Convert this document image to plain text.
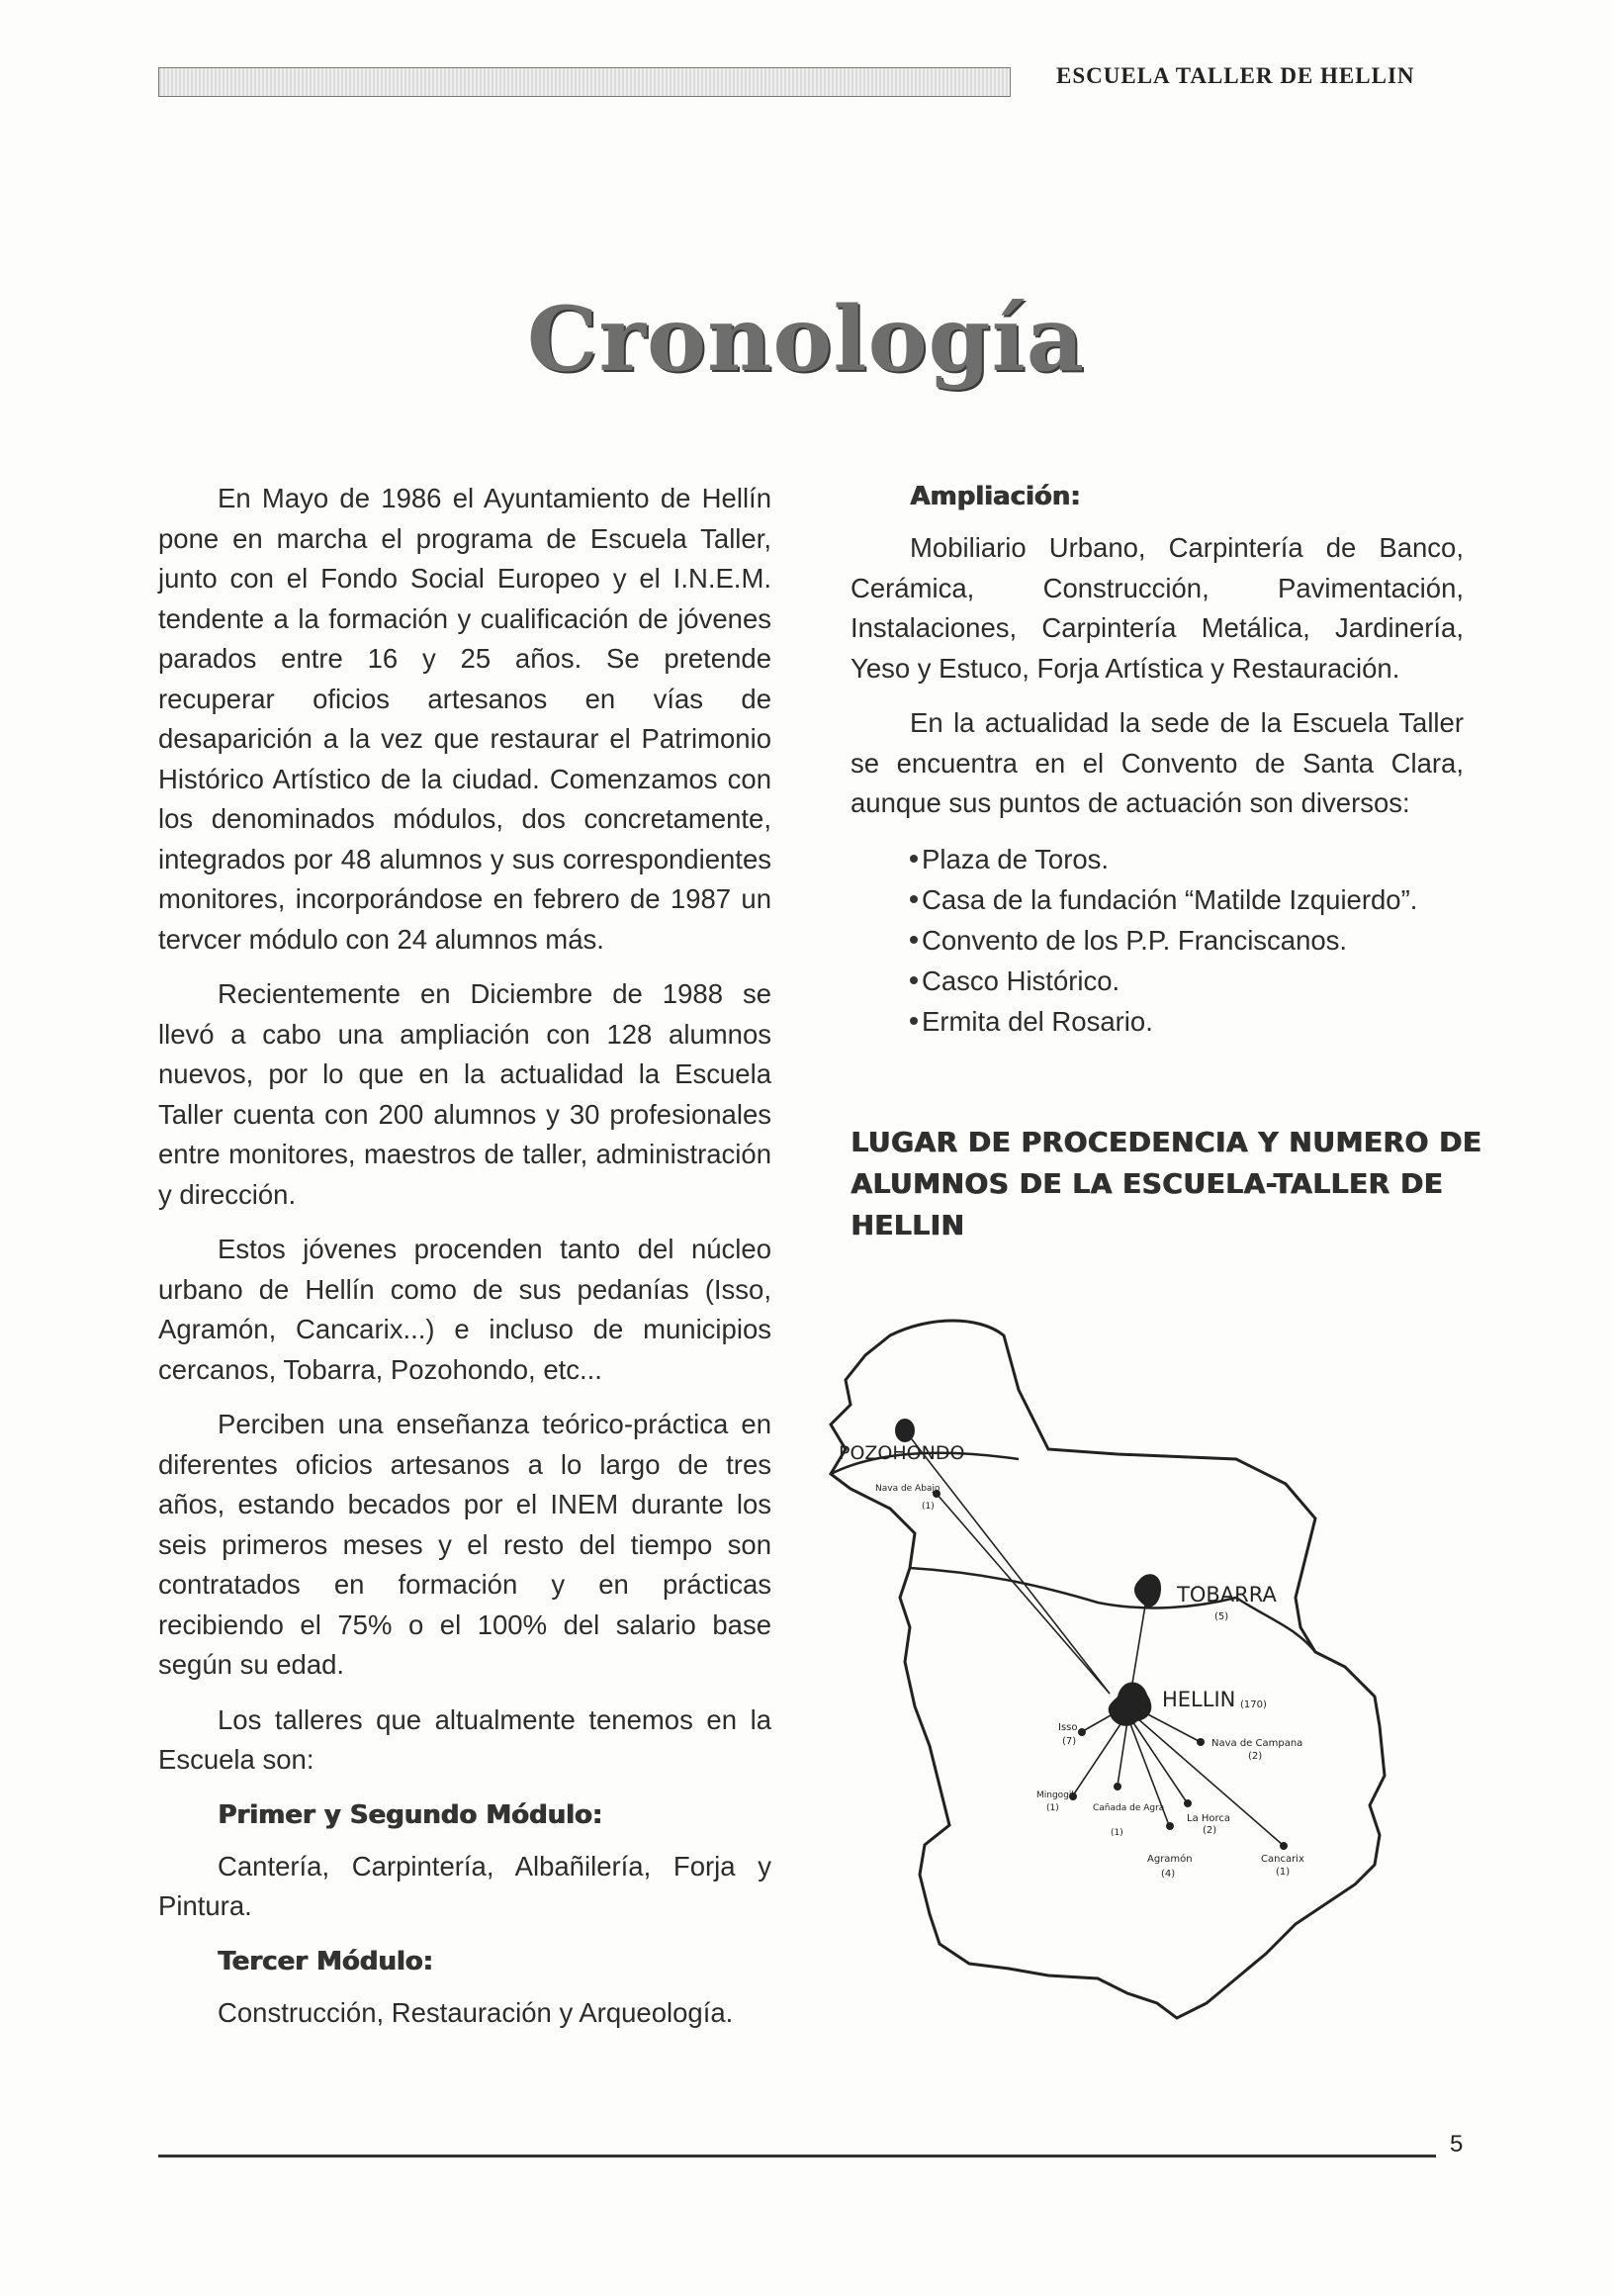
ESCUELA TALLER DE HELLIN
Cronología

En Mayo de 1986 el Ayuntamiento de Hellín pone en marcha el programa de Escuela Taller, junto con el Fondo Social Europeo y el I.N.E.M. tendente a la formación y cualificación de jóvenes parados entre 16 y 25 años. Se pretende recuperar oficios artesanos en vías de desaparición a la vez que restaurar el Patrimonio Histórico Artístico de la ciudad. Comenzamos con los denominados módulos, dos concretamente, integrados por 48 alumnos y sus correspondientes monitores, incorporándose en febrero de 1987 un tervcer módulo con 24 alumnos más.

Recientemente en Diciembre de 1988 se llevó a cabo una ampliación con 128 alumnos nuevos, por lo que en la actualidad la Escuela Taller cuenta con 200 alumnos y 30 profesionales entre monitores, maestros de taller, administración y dirección.

Estos jóvenes procenden tanto del núcleo urbano de Hellín como de sus pedanías (Isso, Agramón, Cancarix...) e incluso de municipios cercanos, Tobarra, Pozohondo, etc...

Perciben una enseñanza teórico-práctica en diferentes oficios artesanos a lo largo de tres años, estando becados por el INEM durante los seis primeros meses y el resto del tiempo son contratados en formación y en prácticas recibiendo el 75% o el 100% del salario base según su edad.

Los talleres que altualmente tenemos en la Escuela son:

Primer y Segundo Módulo:

Cantería, Carpintería, Albañilería, Forja y Pintura.

Tercer Módulo:

Construcción, Restauración y Arqueología.

Ampliación:

Mobiliario Urbano, Carpintería de Banco, Cerámica, Construcción, Pavimentación, Instalaciones, Carpintería Metálica, Jardinería, Yeso y Estuco, Forja Artística y Restauración.

En la actualidad la sede de la Escuela Taller se encuentra en el Convento de Santa Clara, aunque sus puntos de actuación son diversos:

Plaza de Toros.
Casa de la fundación “Matilde Izquierdo”.
Convento de los P.P. Franciscanos.
Casco Histórico.
Ermita del Rosario.
LUGAR DE PROCEDENCIA Y NUMERO DE ALUMNOS DE LA ESCUELA-TALLER DE HELLIN
POZOHONDO
Nava de Abajo
(1)
TOBARRA
(5)
HELLIN (170)
Isso
(7)	Nava de Campana
(2)
Mingogil
(1)	Cañada de Agra
(1)
La Horca
(2)
Agramón
(4)
Cancarix
(1)
5
